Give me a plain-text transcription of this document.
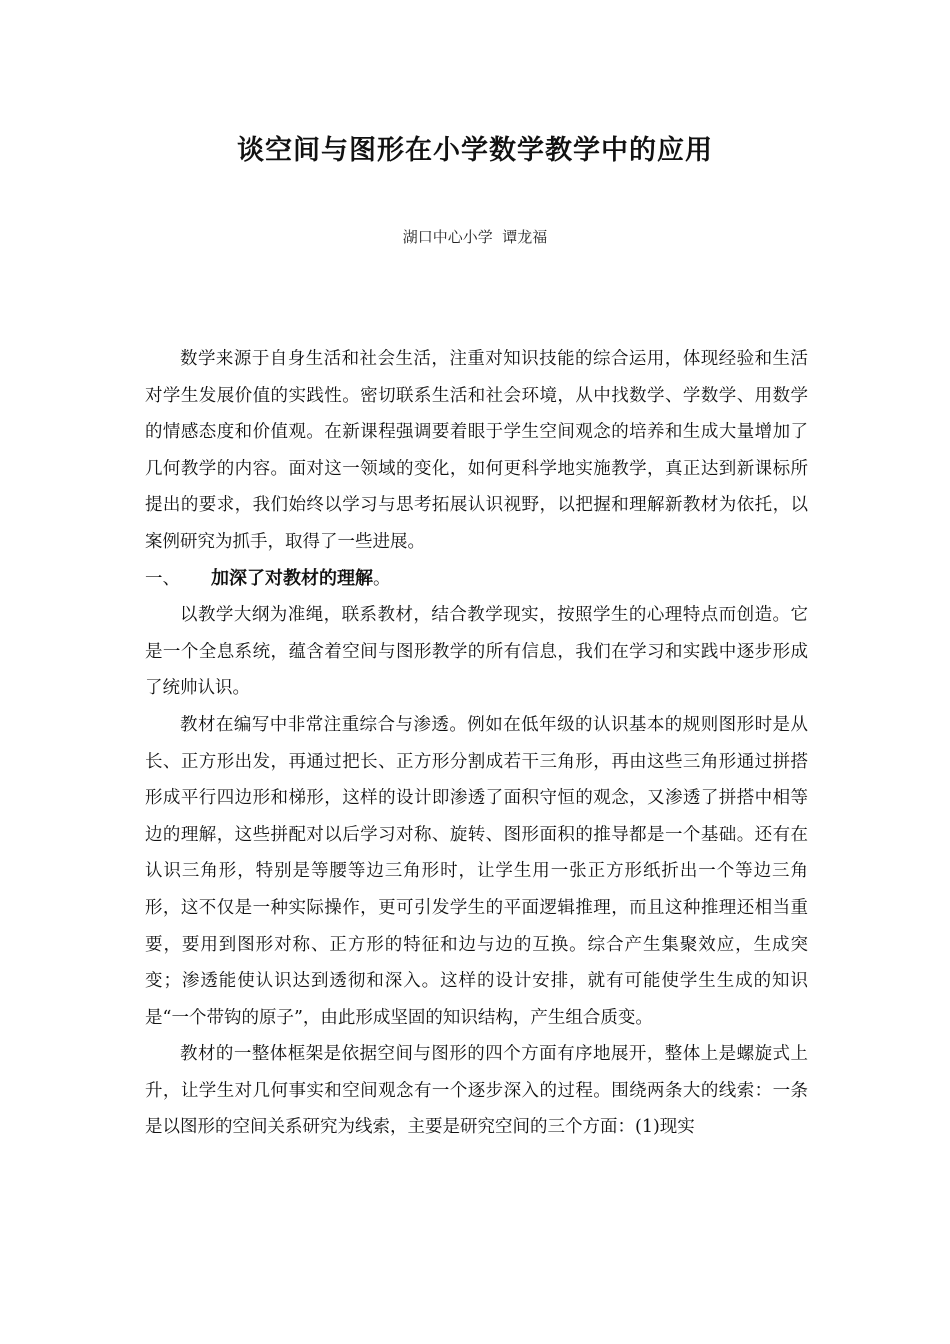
谈空间与图形在小学数学教学中的应用
湖口中心小学  谭龙福

数学来源于自身生活和社会生活，注重对知识技能的综合运用，体现经验和生活对学生发展价值的实践性。密切联系生活和社会环境，从中找数学、学数学、用数学的情感态度和价值观。在新课程强调要着眼于学生空间观念的培养和生成大量增加了几何教学的内容。面对这一领域的变化，如何更科学地实施教学，真正达到新课标所提出的要求，我们始终以学习与思考拓展认识视野，以把握和理解新教材为依托，以案例研究为抓手，取得了一些进展。

一、	加深了对教材的理解 。

以教学大纲为准绳，联系教材，结合教学现实，按照学生的心理特点而创造。它是一个全息系统，蕴含着空间与图形教学的所有信息，我们在学习和实践中逐步形成了统帅认识。

教材在编写中非常注重综合与渗透。例如在低年级的认识基本的规则图形时是从长、正方形出发，再通过把长、正方形分割成若干三角形，再由这些三角形通过拼搭形成平行四边形和梯形，这样的设计即渗透了面积守恒的观念，又渗透了拼搭中相等边的理解，这些拼配对以后学习对称、旋转、图形面积的推导都是一个基础。还有在认识三角形，特别是等腰等边三角形时，让学生用一张正方形纸折出一个等边三角形，这不仅是一种实际操作，更可引发学生的平面逻辑推理，而且这种推理还相当重要，要用到图形对称、正方形的特征和边与边的互换。综合产生集聚效应，生成突变；渗透能使认识达到透彻和深入。这样的设计安排，就有可能使学生生成的知识是“一个带钩的原子”，由此形成坚固的知识结构，产生组合质变。

教材的一整体框架是依据空间与图形的四个方面有序地展开，整体上是螺旋式上升，让学生对几何事实和空间观念有一个逐步深入的过程。围绕两条大的线索：一条是以图形的空间关系研究为线索，主要是研究空间的三个方面：(1)现实
